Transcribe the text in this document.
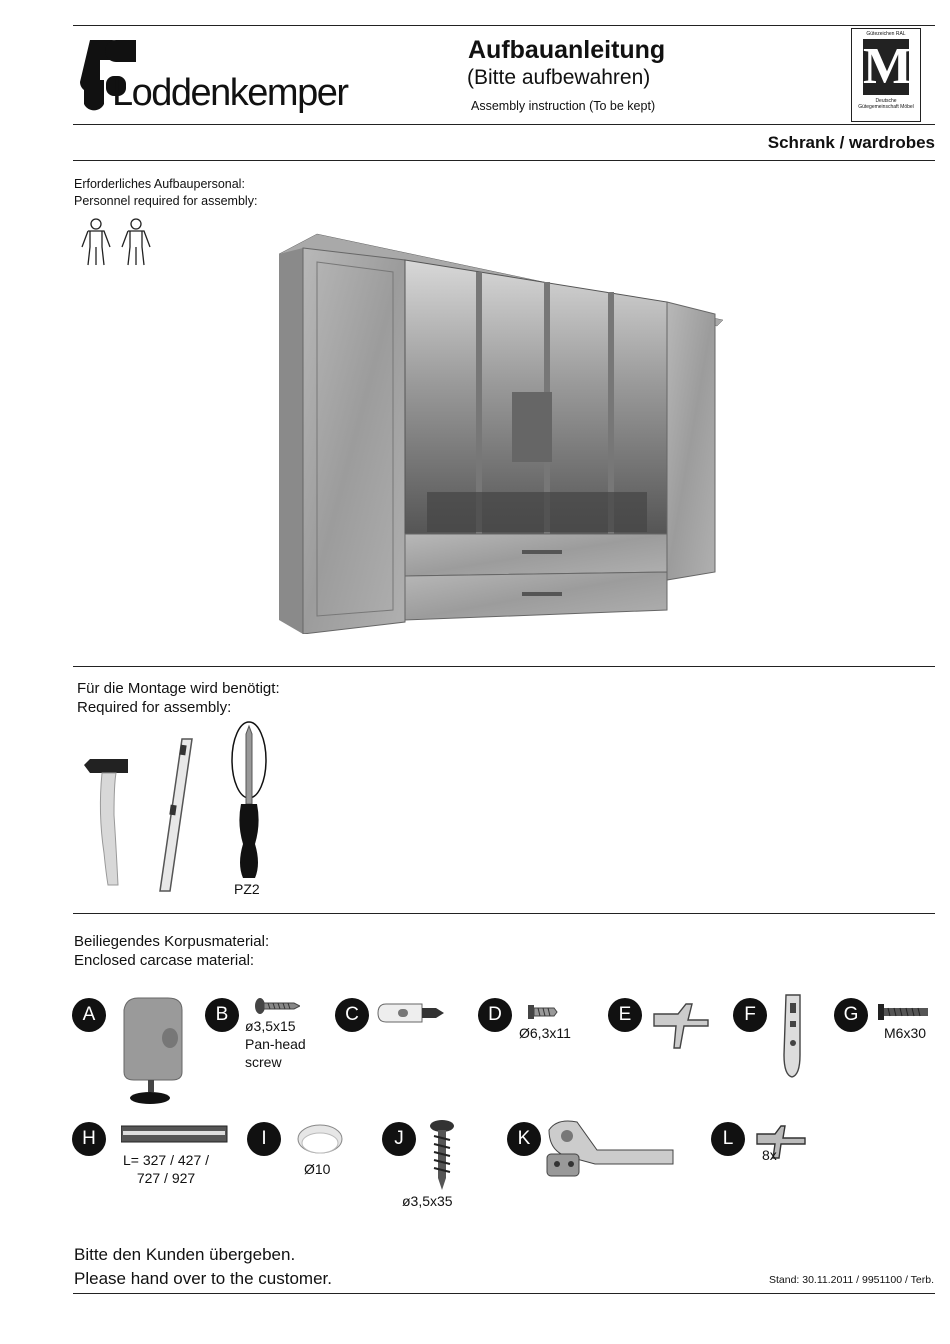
Loddenkemper
Aufbauanleitung
(Bitte aufbewahren)
Assembly instruction (To be kept)
Gütezeichen RAL
M
Deutsche Gütegemeinschaft Möbel
Schrank / wardrobes
Erforderliches Aufbaupersonal:
Personnel required for assembly:
Für die Montage wird benötigt:
Required for assembly:
PZ2
Beiliegendes Korpusmaterial:
Enclosed carcase material:
A	B
ø3,5x15
Pan-head
screw
C	D
Ø6,3x11
E	F	G
M6x30
H
L= 327 / 427 /
727 / 927
I
Ø10
J
ø3,5x35
K	L
8x
Bitte den Kunden übergeben.
Please hand over to the customer.	Stand: 30.11.2011 / 9951100 / Terb.
